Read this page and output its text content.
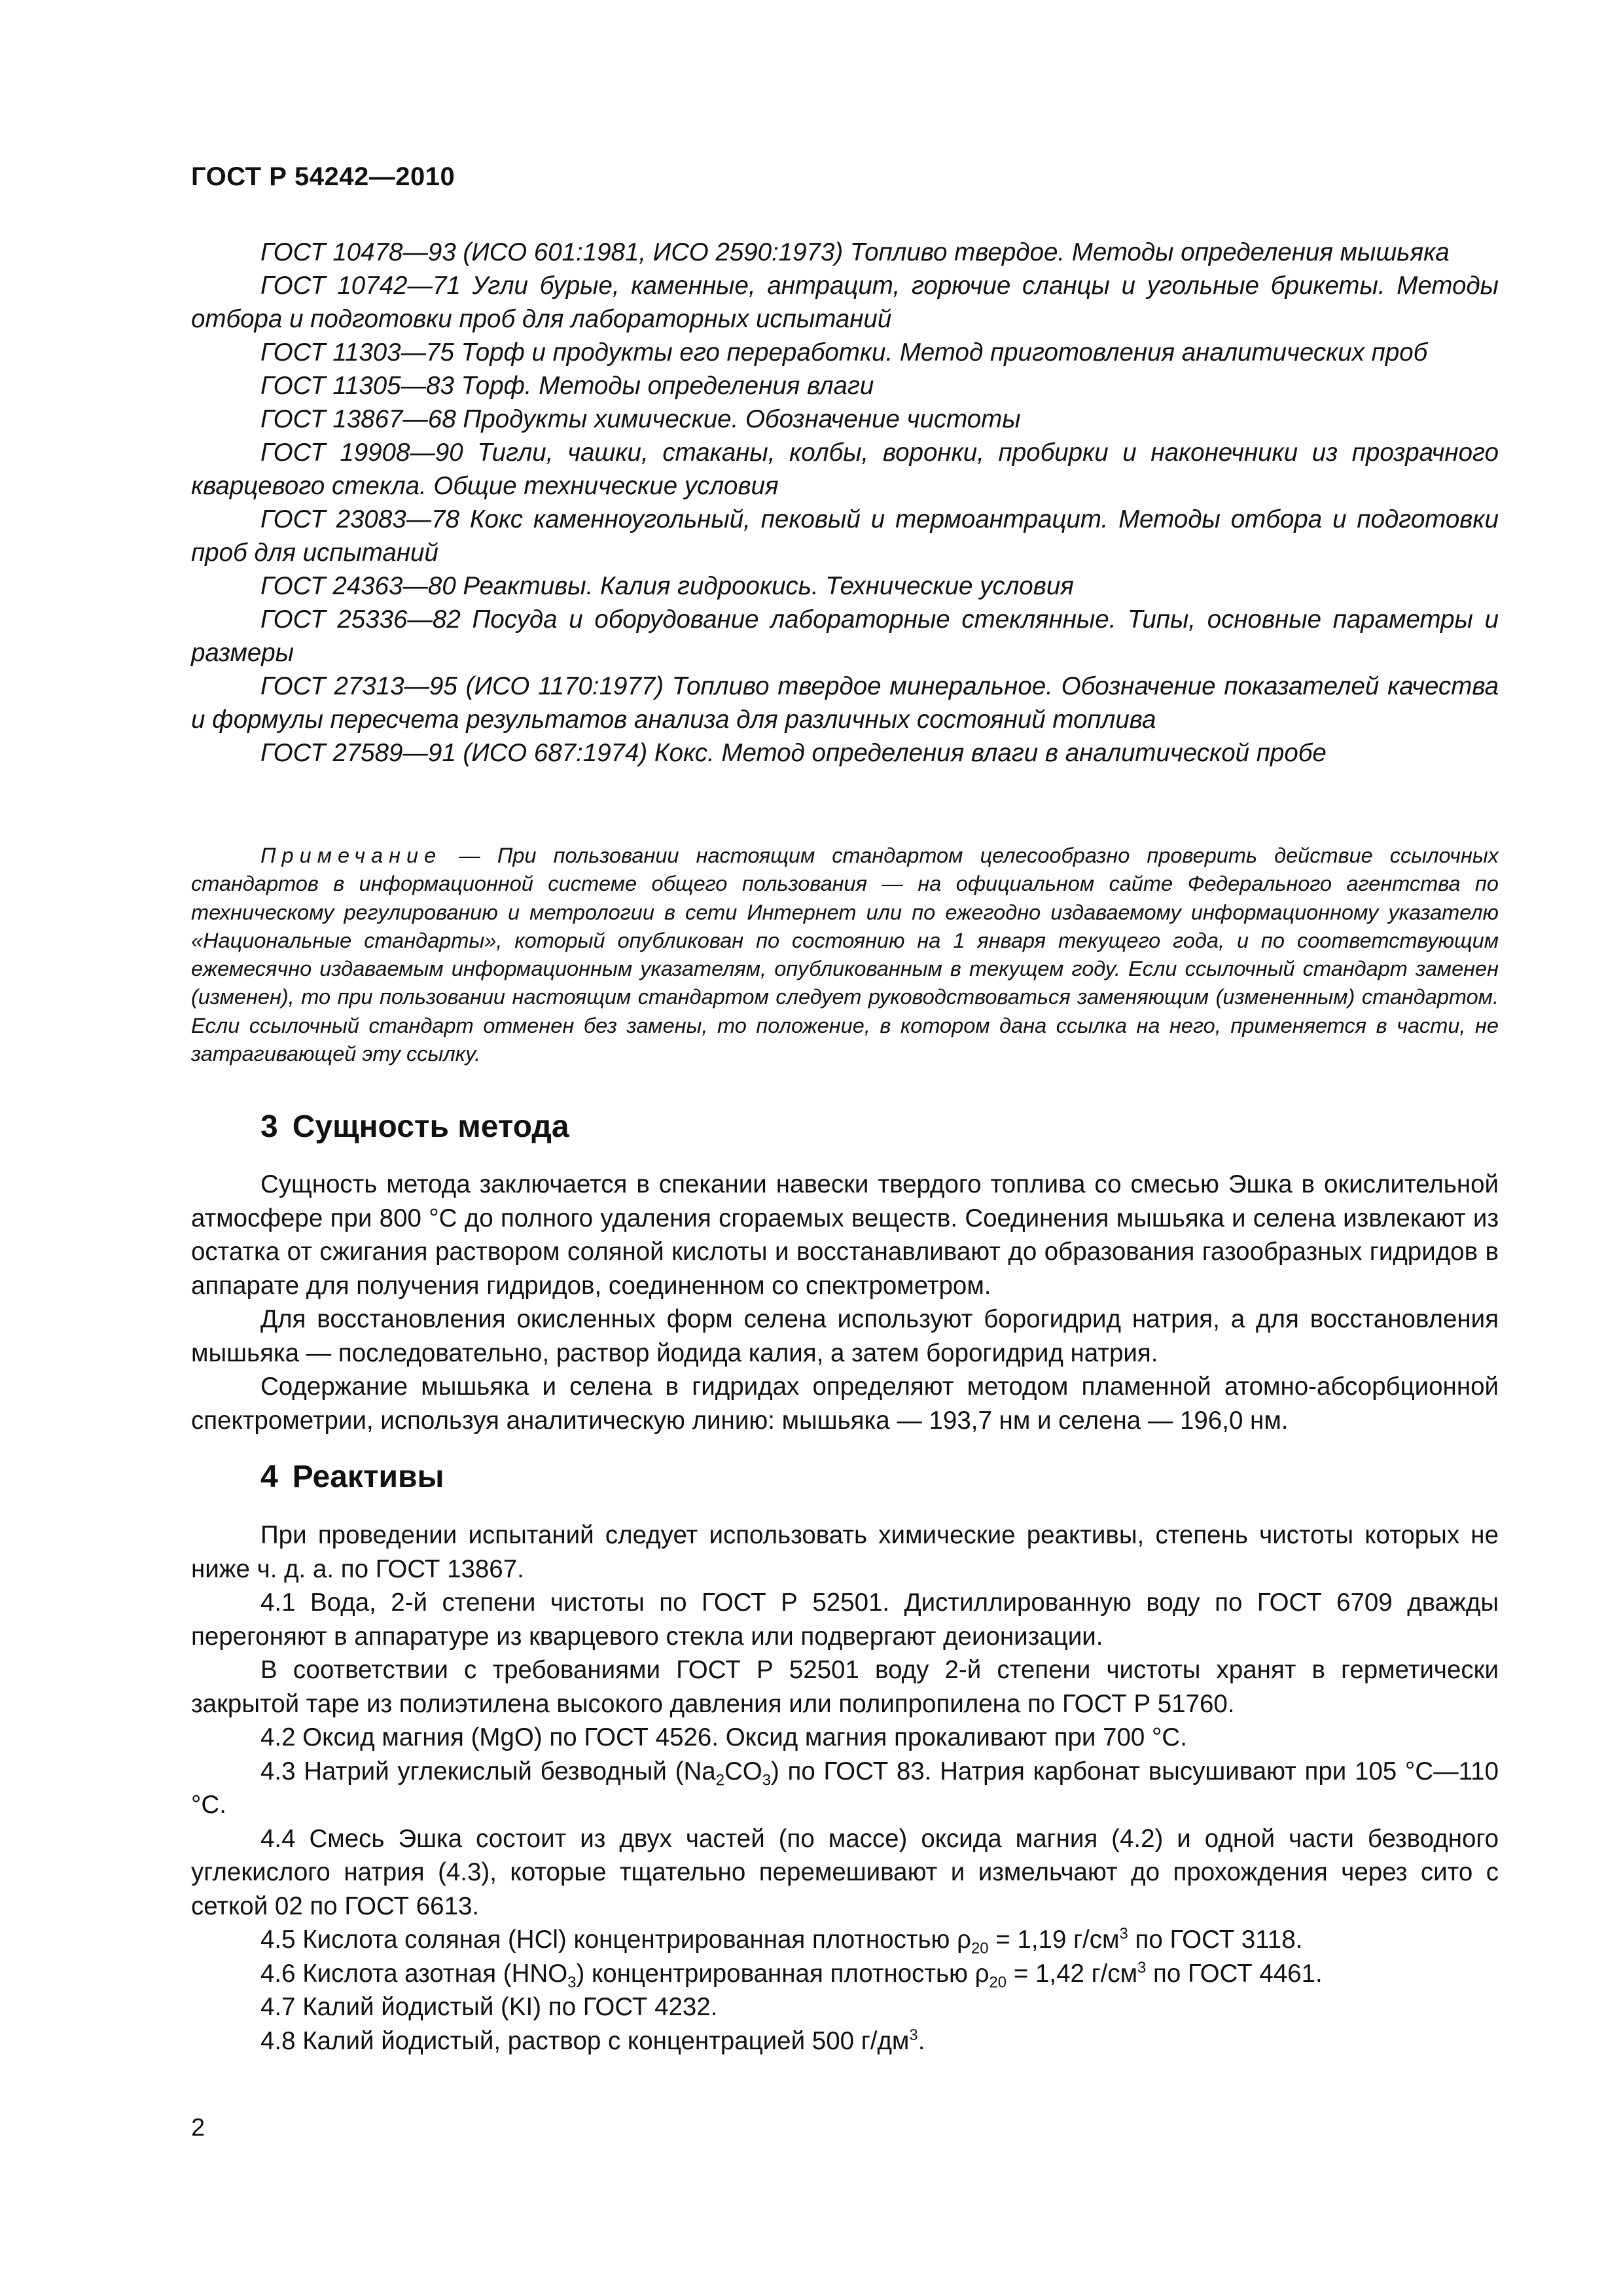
ГОСТ Р 54242—2010

ГОСТ 10478—93 (ИСО 601:1981, ИСО 2590:1973) Топливо твердое. Методы определения мышьяка

ГОСТ 10742—71 Угли бурые, каменные, антрацит, горючие сланцы и угольные брикеты. Методы отбора и подготовки проб для лабораторных испытаний

ГОСТ 11303—75 Торф и продукты его переработки. Метод приготовления аналитических проб

ГОСТ 11305—83 Торф. Методы определения влаги

ГОСТ 13867—68 Продукты химические. Обозначение чистоты

ГОСТ 19908—90 Тигли, чашки, стаканы, колбы, воронки, пробирки и наконечники из прозрачного кварцевого стекла. Общие технические условия

ГОСТ 23083—78 Кокс каменноугольный, пековый и термоантрацит. Методы отбора и подготовки проб для испытаний

ГОСТ 24363—80 Реактивы. Калия гидроокись. Технические условия

ГОСТ 25336—82 Посуда и оборудование лабораторные стеклянные. Типы, основные параметры и размеры

ГОСТ 27313—95 (ИСО 1170:1977) Топливо твердое минеральное. Обозначение показателей качества и формулы пересчета результатов анализа для различных состояний топлива

ГОСТ 27589—91 (ИСО 687:1974) Кокс. Метод определения влаги в аналитической пробе

Примечание — При пользовании настоящим стандартом целесообразно проверить действие ссылочных стандартов в информационной системе общего пользования — на официальном сайте Федерального агентства по техническому регулированию и метрологии в сети Интернет или по ежегодно издаваемому информационному указателю «Национальные стандарты», который опубликован по состоянию на 1 января текущего года, и по соответствующим ежемесячно издаваемым информационным указателям, опубликованным в текущем году. Если ссылочный стандарт заменен (изменен), то при пользовании настоящим стандартом следует руководствоваться заменяющим (измененным) стандартом. Если ссылочный стандарт отменен без замены, то положение, в котором дана ссылка на него, применяется в части, не затрагивающей эту ссылку.
3 Сущность метода

Сущность метода заключается в спекании навески твердого топлива со смесью Эшка в окислительной атмосфере при 800 °С до полного удаления сгораемых веществ. Соединения мышьяка и селена извлекают из остатка от сжигания раствором соляной кислоты и восстанавливают до образования газообразных гидридов в аппарате для получения гидридов, соединенном со спектрометром.

Для восстановления окисленных форм селена используют борогидрид натрия, а для восстановления мышьяка — последовательно, раствор йодида калия, а затем борогидрид натрия.

Содержание мышьяка и селена в гидридах определяют методом пламенной атомно-абсорбционной спектрометрии, используя аналитическую линию: мышьяка — 193,7 нм и селена — 196,0 нм.

4 Реактивы

При проведении испытаний следует использовать химические реактивы, степень чистоты которых не ниже ч. д. а. по ГОСТ 13867.

4.1 Вода, 2-й степени чистоты по ГОСТ Р 52501. Дистиллированную воду по ГОСТ 6709 дважды перегоняют в аппаратуре из кварцевого стекла или подвергают деионизации.

В соответствии с требованиями ГОСТ Р 52501 воду 2-й степени чистоты хранят в герметически закрытой таре из полиэтилена высокого давления или полипропилена по ГОСТ Р 51760.

4.2 Оксид магния (MgO) по ГОСТ 4526. Оксид магния прокаливают при 700 °С.

4.3 Натрий углекислый безводный $(Na_2CO_3)$ по ГОСТ 83. Натрия карбонат высушивают при 105 °С—110 °С.

4.4 Смесь Эшка состоит из двух частей (по массе) оксида магния (4.2) и одной части безводного углекислого натрия (4.3), которые тщательно перемешивают и измельчают до прохождения через сито с сеткой 02 по ГОСТ 6613.

4.5 Кислота соляная (HCl) концентрированная плотностью $\rho_{20} = 1,19$ $г/см^3$ по ГОСТ 3118.

4.6 Кислота азотная $(HNO_3)$ концентрированная плотностью $\rho_{20} = 1,42$ $г/см^3$ по ГОСТ 4461.

4.7 Калий йодистый (KI) по ГОСТ 4232.

4.8 Калий йодистый, раствор с концентрацией 500 $г/дм^3$.

2
